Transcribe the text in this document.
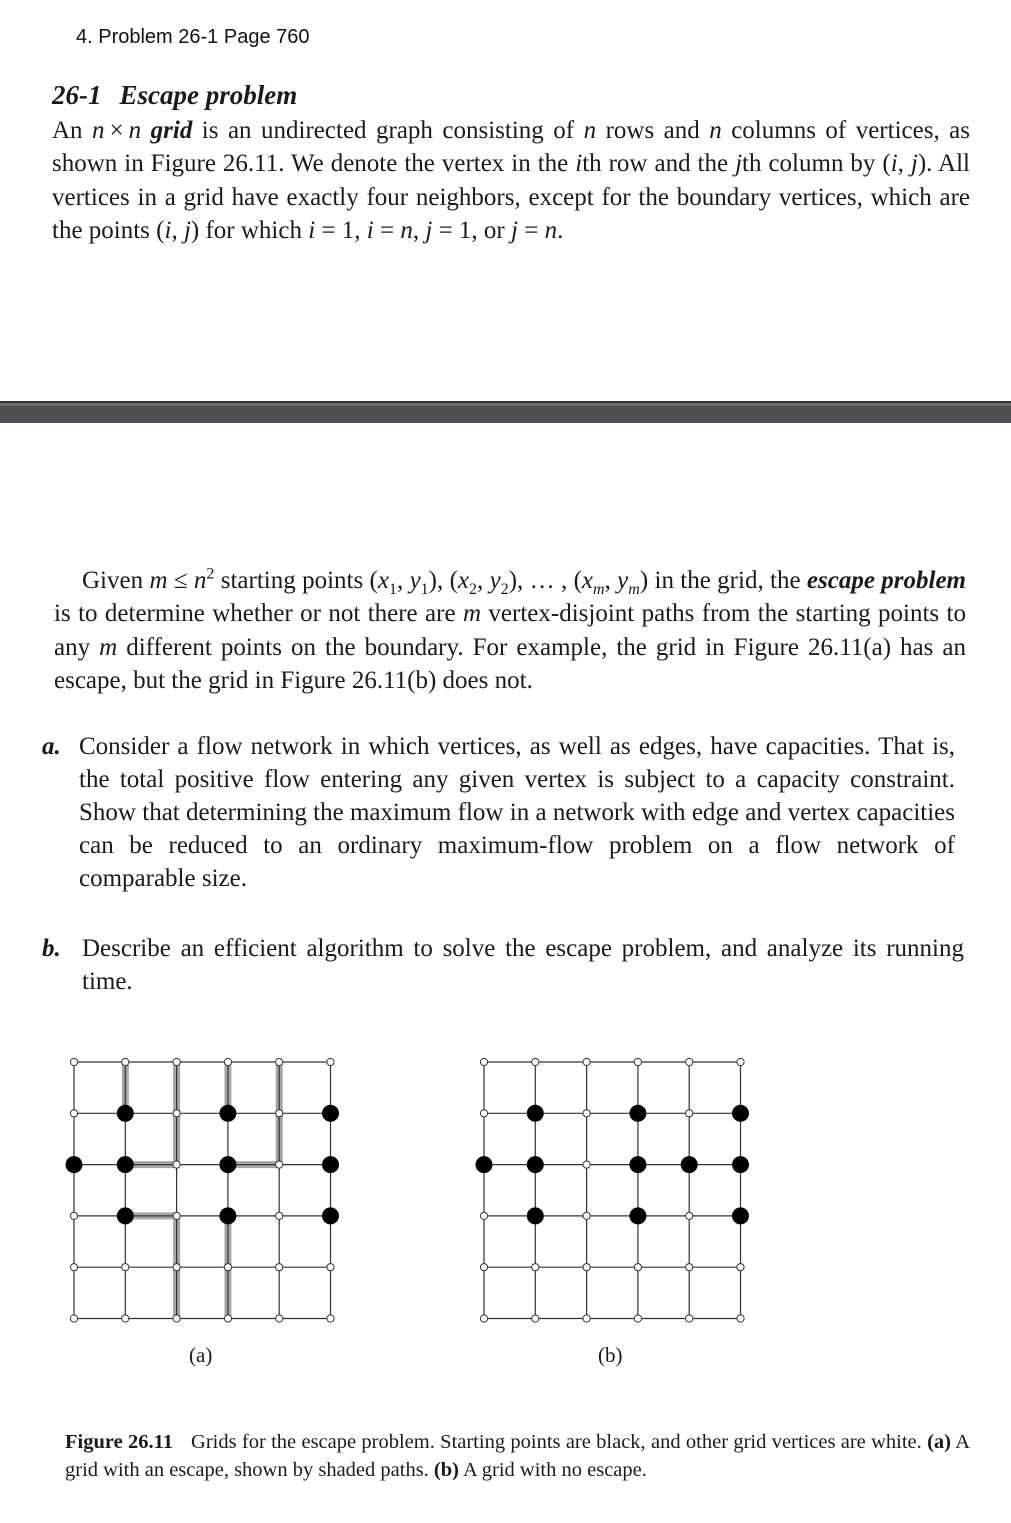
4. Problem 26-1 Page 760
26-1 Escape problem
An n × n grid is an undirected graph consisting of n rows and n columns of vertices, as shown in Figure 26.11. We denote the vertex in the ith row and the jth column by (i, j). All vertices in a grid have exactly four neighbors, except for the boundary vertices, which are the points (i, j) for which i = 1, i = n, j = 1, or j = n.
Given $m \le n^2$ starting points ($x_1$, $y_1$), ($x_2$, $y_2$), … , ($x_m$, $y_m$) in the grid, the escape problem is to determine whether or not there are m vertex-disjoint paths from the starting points to any m different points on the boundary. For example, the grid in Figure 26.11(a) has an escape, but the grid in Figure 26.11(b) does not.
a. Consider a flow network in which vertices, as well as edges, have capacities. That is, the total positive flow entering any given vertex is subject to a capacity constraint. Show that determining the maximum flow in a network with edge and vertex capacities can be reduced to an ordinary maximum-flow problem on a flow network of comparable size.
b. Describe an efficient algorithm to solve the escape problem, and analyze its running time.
(a)	(b)
Figure 26.11 Grids for the escape problem. Starting points are black, and other grid vertices are white. (a) A grid with an escape, shown by shaded paths. (b) A grid with no escape.
